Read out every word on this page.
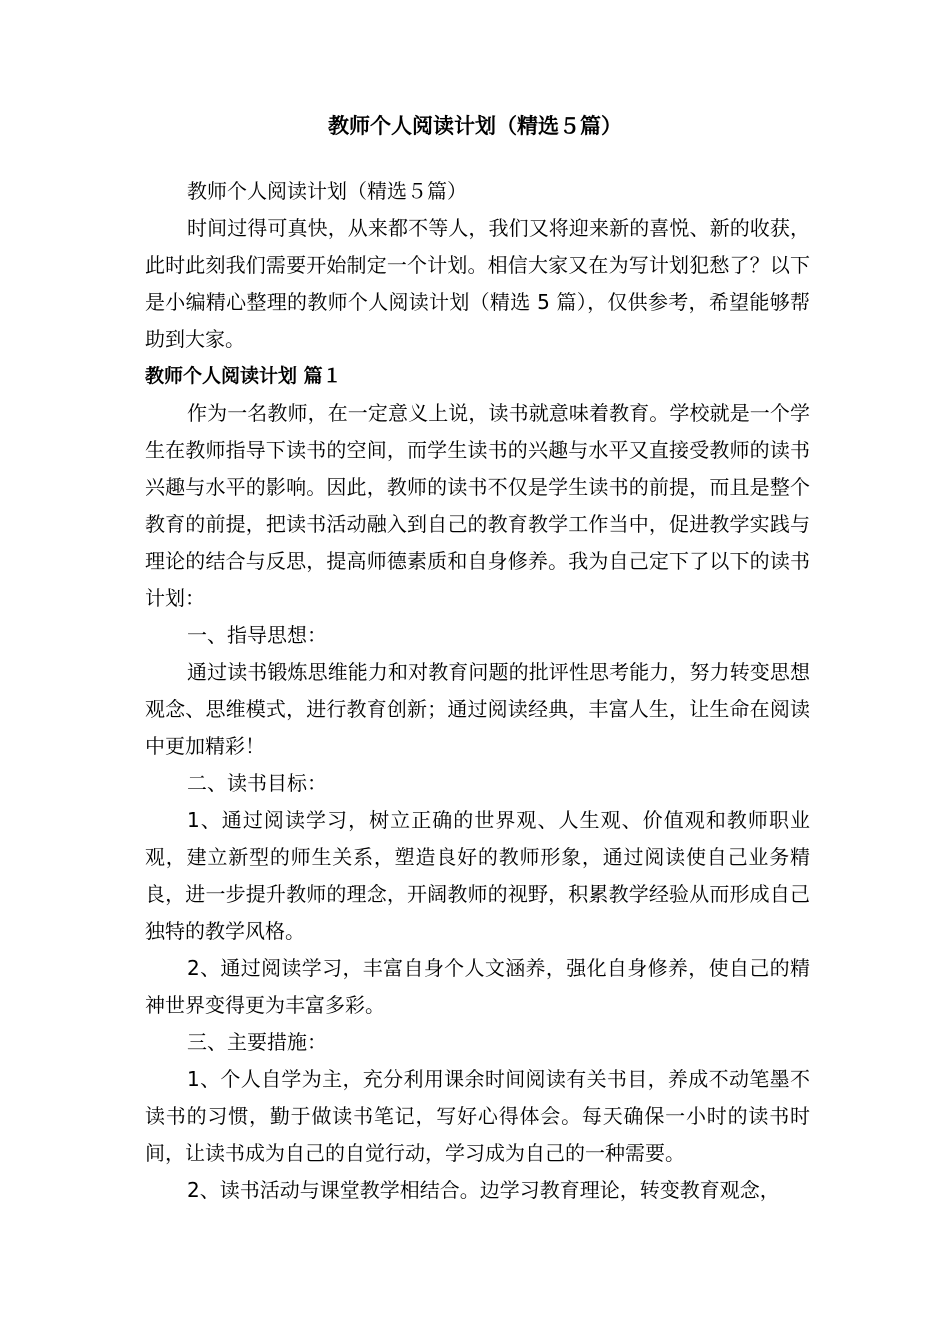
教师个人阅读计划（精选５篇）

教师个人阅读计划（精选５篇）

时间过得可真快，从来都不等人，我们又将迎来新的喜悦、新的收获，此时此刻我们需要开始制定一个计划。相信大家又在为写计划犯愁了？以下是小编精心整理的教师个人阅读计划（精选 5 篇），仅供参考，希望能够帮助到大家。

教师个人阅读计划 篇１

作为一名教师，在一定意义上说，读书就意味着教育。学校就是一个学生在教师指导下读书的空间，而学生读书的兴趣与水平又直接受教师的读书兴趣与水平的影响。因此，教师的读书不仅是学生读书的前提，而且是整个教育的前提，把读书活动融入到自己的教育教学工作当中，促进教学实践与理论的结合与反思，提高师德素质和自身修养。我为自己定下了以下的读书计划：

一、指导思想：

通过读书锻炼思维能力和对教育问题的批评性思考能力，努力转变思想观念、思维模式，进行教育创新；通过阅读经典，丰富人生，让生命在阅读中更加精彩！

二、读书目标：

1、通过阅读学习，树立正确的世界观、人生观、价值观和教师职业观，建立新型的师生关系，塑造良好的教师形象，通过阅读使自己业务精良，进一步提升教师的理念，开阔教师的视野，积累教学经验从而形成自己独特的教学风格。

2、通过阅读学习，丰富自身个人文涵养，强化自身修养，使自己的精神世界变得更为丰富多彩。

三、主要措施：

1、个人自学为主，充分利用课余时间阅读有关书目，养成不动笔墨不读书的习惯，勤于做读书笔记，写好心得体会。每天确保一小时的读书时间，让读书成为自己的自觉行动，学习成为自己的一种需要。

2、读书活动与课堂教学相结合。边学习教育理论，转变教育观念，
